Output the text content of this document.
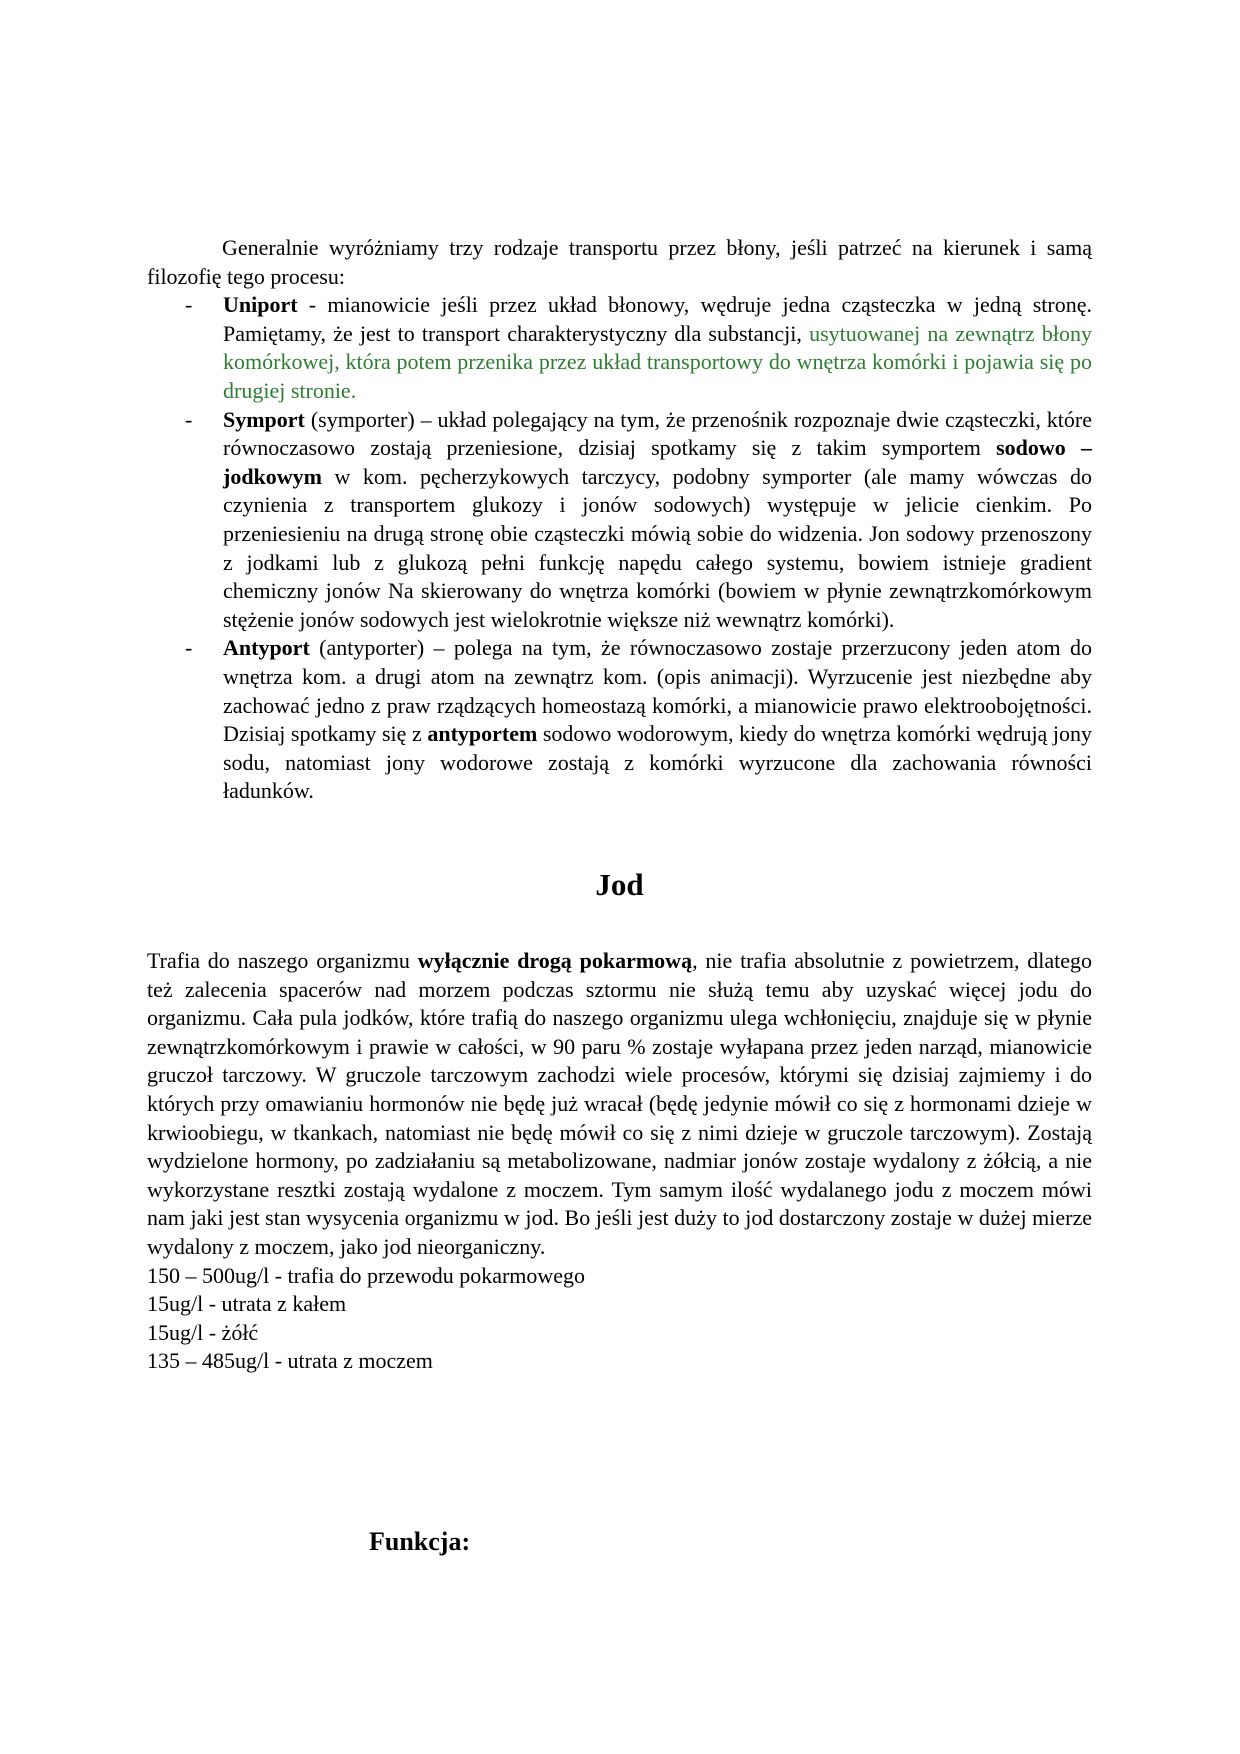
Generalnie wyróżniamy trzy rodzaje transportu przez błony, jeśli patrzeć na kierunek i samą filozofię tego procesu:

- Uniport - mianowicie jeśli przez układ błonowy, wędruje jedna cząsteczka w jedną stronę. Pamiętamy, że jest to transport charakterystyczny dla substancji, usytuowanej na zewnątrz błony komórkowej, która potem przenika przez układ transportowy do wnętrza komórki i pojawia się po drugiej stronie.
- Symport (symporter) – układ polegający na tym, że przenośnik rozpoznaje dwie cząsteczki, które równoczasowo zostają przeniesione, dzisiaj spotkamy się z takim symportem sodowo – jodkowym w kom. pęcherzykowych tarczycy, podobny symporter (ale mamy wówczas do czynienia z transportem glukozy i jonów sodowych) występuje w jelicie cienkim. Po przeniesieniu na drugą stronę obie cząsteczki mówią sobie do widzenia. Jon sodowy przenoszony z jodkami lub z glukozą pełni funkcję napędu całego systemu, bowiem istnieje gradient chemiczny jonów Na skierowany do wnętrza komórki (bowiem w płynie zewnątrzkomórkowym stężenie jonów sodowych jest wielokrotnie większe niż wewnątrz komórki).
- Antyport (antyporter) – polega na tym, że równoczasowo zostaje przerzucony jeden atom do wnętrza kom. a drugi atom na zewnątrz kom. (opis animacji). Wyrzucenie jest niezbędne aby zachować jedno z praw rządzących homeostazą komórki, a mianowicie prawo elektroobojętności. Dzisiaj spotkamy się z antyportem sodowo wodorowym, kiedy do wnętrza komórki wędrują jony sodu, natomiast jony wodorowe zostają z komórki wyrzucone dla zachowania równości ładunków.
Jod

Trafia do naszego organizmu wyłącznie drogą pokarmową, nie trafia absolutnie z powietrzem, dlatego też zalecenia spacerów nad morzem podczas sztormu nie służą temu aby uzyskać więcej jodu do organizmu. Cała pula jodków, które trafią do naszego organizmu ulega wchłonięciu, znajduje się w płynie zewnątrzkomórkowym i prawie w całości, w 90 paru % zostaje wyłapana przez jeden narząd, mianowicie gruczoł tarczowy. W gruczole tarczowym zachodzi wiele procesów, którymi się dzisiaj zajmiemy i do których przy omawianiu hormonów nie będę już wracał (będę jedynie mówił co się z hormonami dzieje w krwioobiegu, w tkankach, natomiast nie będę mówił co się z nimi dzieje w gruczole tarczowym). Zostają wydzielone hormony, po zadziałaniu są metabolizowane, nadmiar jonów zostaje wydalony z żółcią, a nie wykorzystane resztki zostają wydalone z moczem. Tym samym ilość wydalanego jodu z moczem mówi nam jaki jest stan wysycenia organizmu w jod. Bo jeśli jest duży to jod dostarczony zostaje w dużej mierze wydalony z moczem, jako jod nieorganiczny.

150 – 500ug/l - trafia do przewodu pokarmowego
15ug/l - utrata z kałem
15ug/l - żółć
135 – 485ug/l - utrata z moczem
Funkcja:
